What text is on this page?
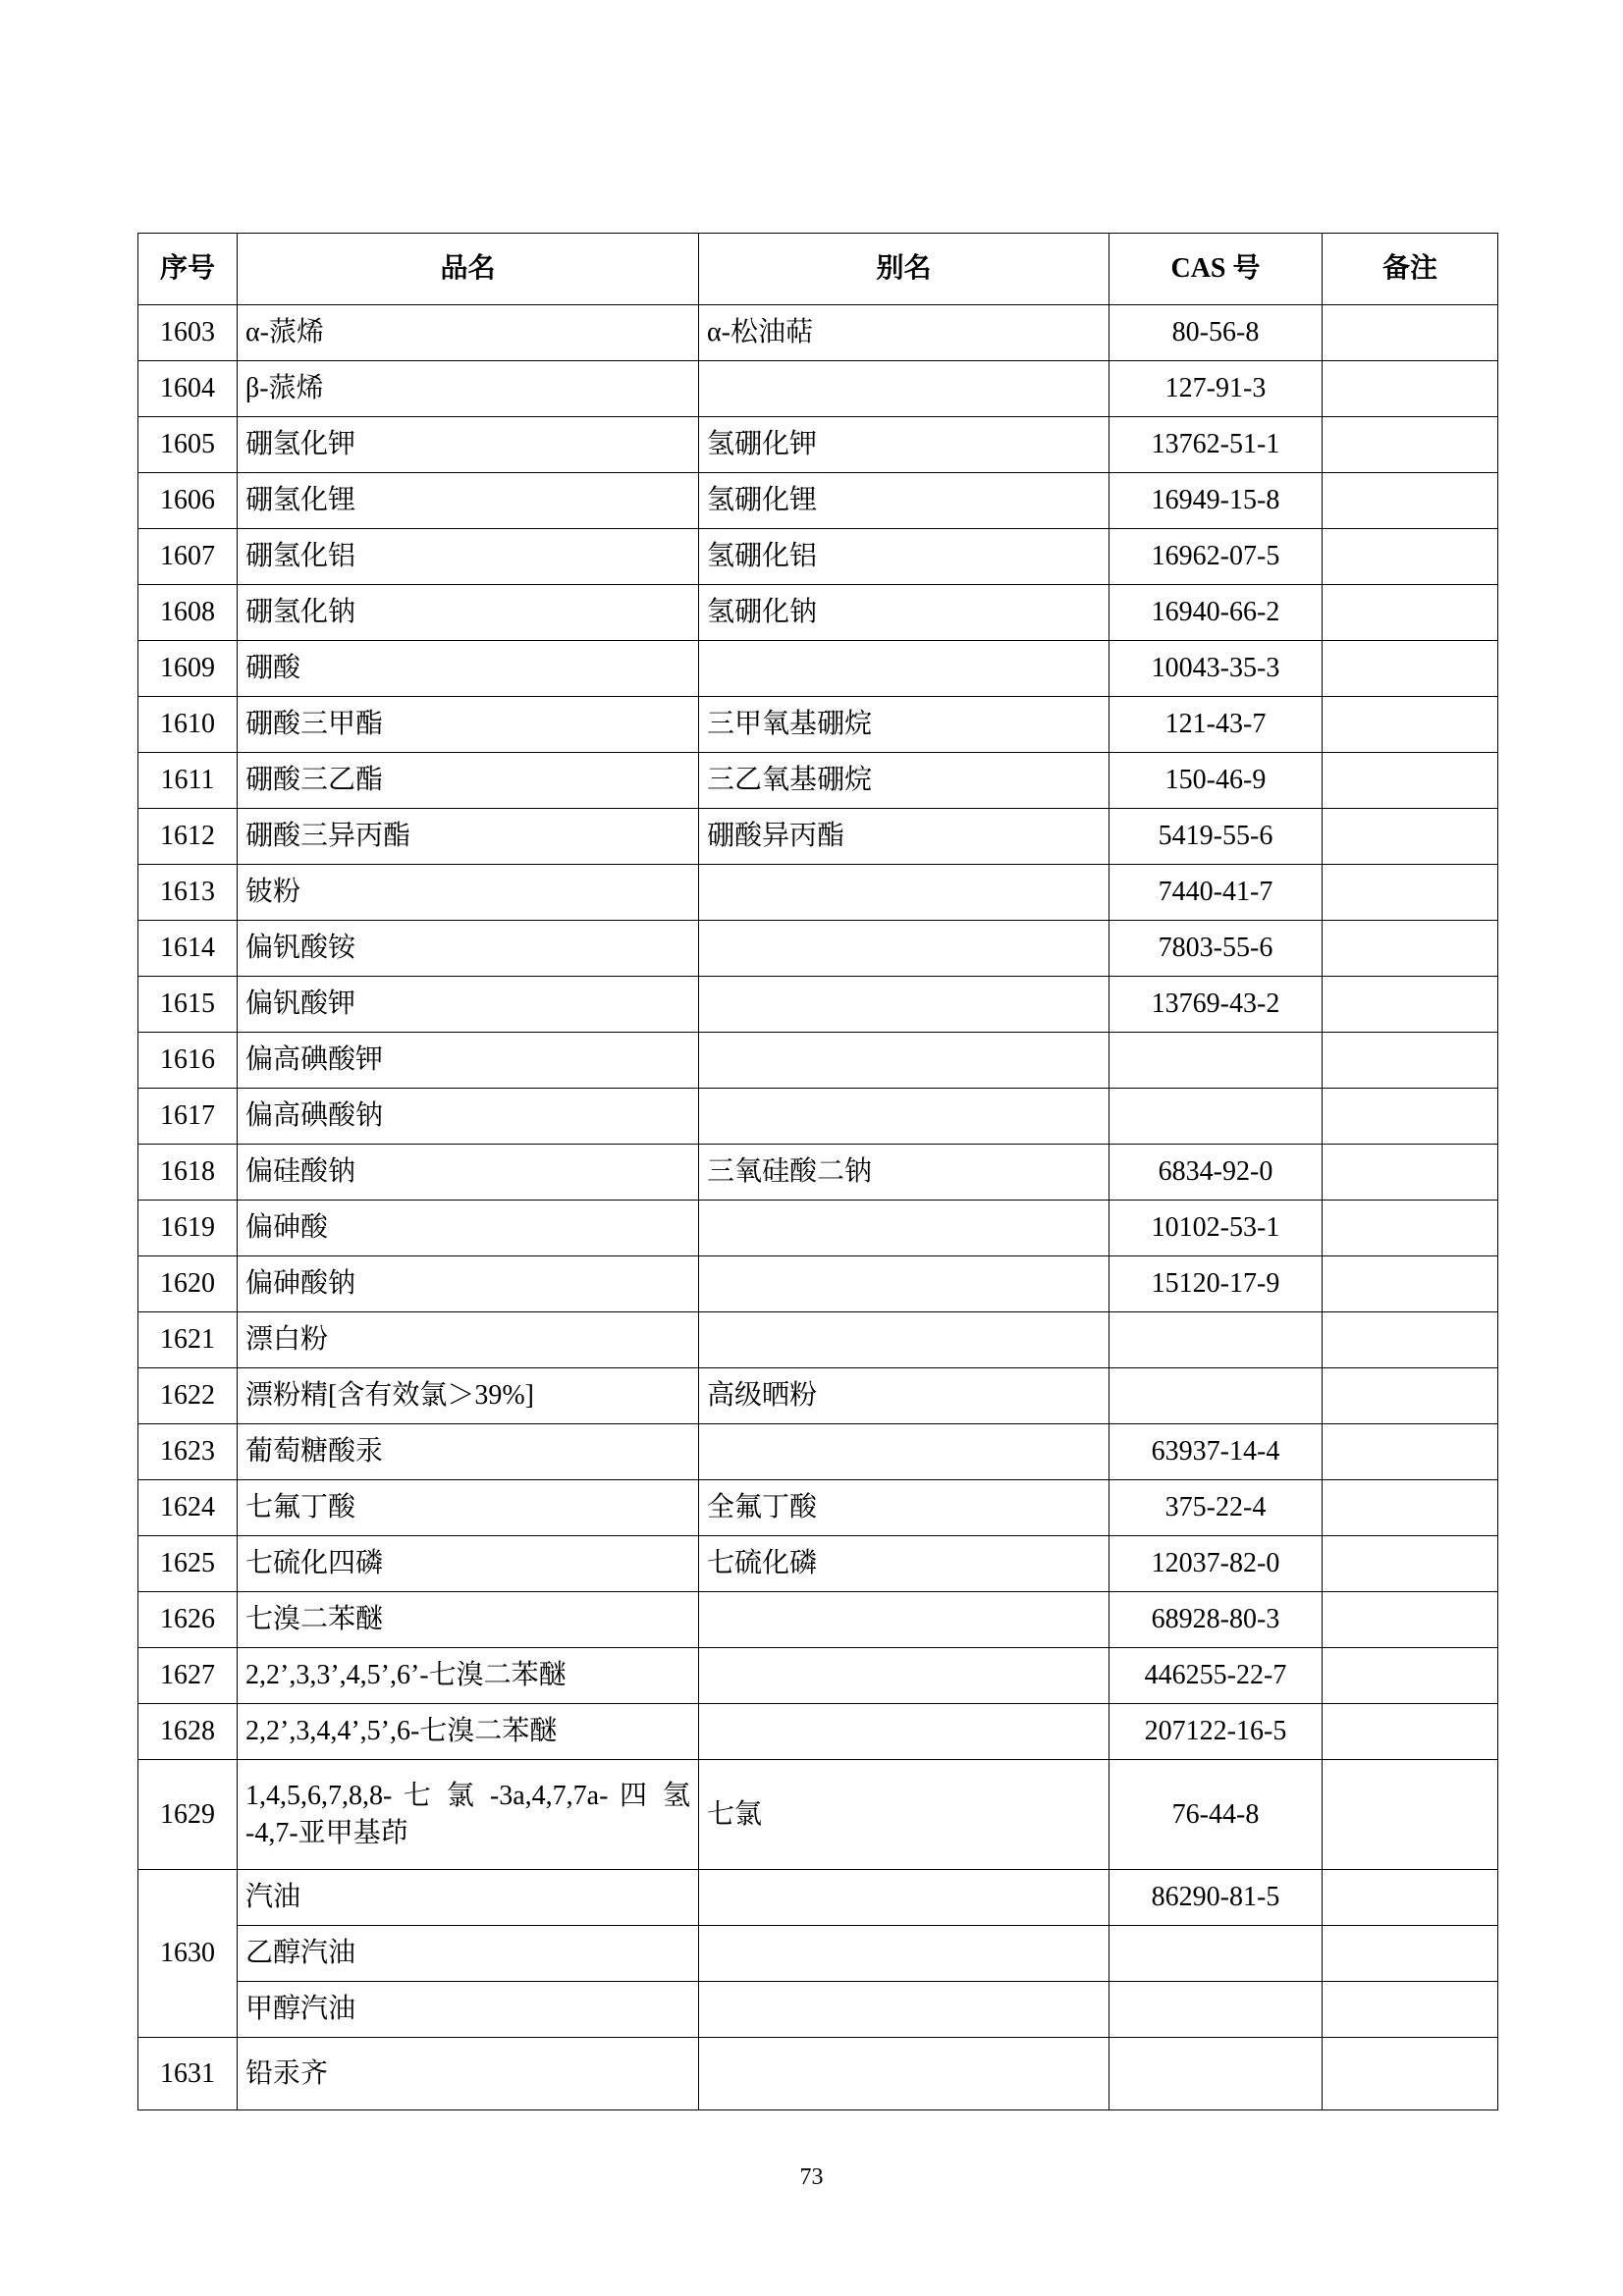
序号	品名	别名	CAS 号	备注
1603	α-蒎烯	α-松油萜	80-56-8	
1604	β-蒎烯		127-91-3	
1605	硼氢化钾	氢硼化钾	13762-51-1	
1606	硼氢化锂	氢硼化锂	16949-15-8	
1607	硼氢化铝	氢硼化铝	16962-07-5	
1608	硼氢化钠	氢硼化钠	16940-66-2	
1609	硼酸		10043-35-3	
1610	硼酸三甲酯	三甲氧基硼烷	121-43-7	
1611	硼酸三乙酯	三乙氧基硼烷	150-46-9	
1612	硼酸三异丙酯	硼酸异丙酯	5419-55-6	
1613	铍粉		7440-41-7	
1614	偏钒酸铵		7803-55-6	
1615	偏钒酸钾		13769-43-2	
1616	偏高碘酸钾			
1617	偏高碘酸钠			
1618	偏硅酸钠	三氧硅酸二钠	6834-92-0	
1619	偏砷酸		10102-53-1	
1620	偏砷酸钠		15120-17-9	
1621	漂白粉			
1622	漂粉精[含有效氯＞39%]	高级晒粉		
1623	葡萄糖酸汞		63937-14-4	
1624	七氟丁酸	全氟丁酸	375-22-4	
1625	七硫化四磷	七硫化磷	12037-82-0	
1626	七溴二苯醚		68928-80-3	
1627	2,2’,3,3’,4,5’,6’-七溴二苯醚		446255-22-7	
1628	2,2’,3,4,4’,5’,6-七溴二苯醚		207122-16-5	
1629	1,4,5,6,7,8,8- 七 氯 -3a,4,7,7a- 四 氢 -4,7-亚甲基茚	七氯	76-44-8	
1630	汽油		86290-81-5	
	乙醇汽油			
	甲醇汽油			
1631	铅汞齐			
73
